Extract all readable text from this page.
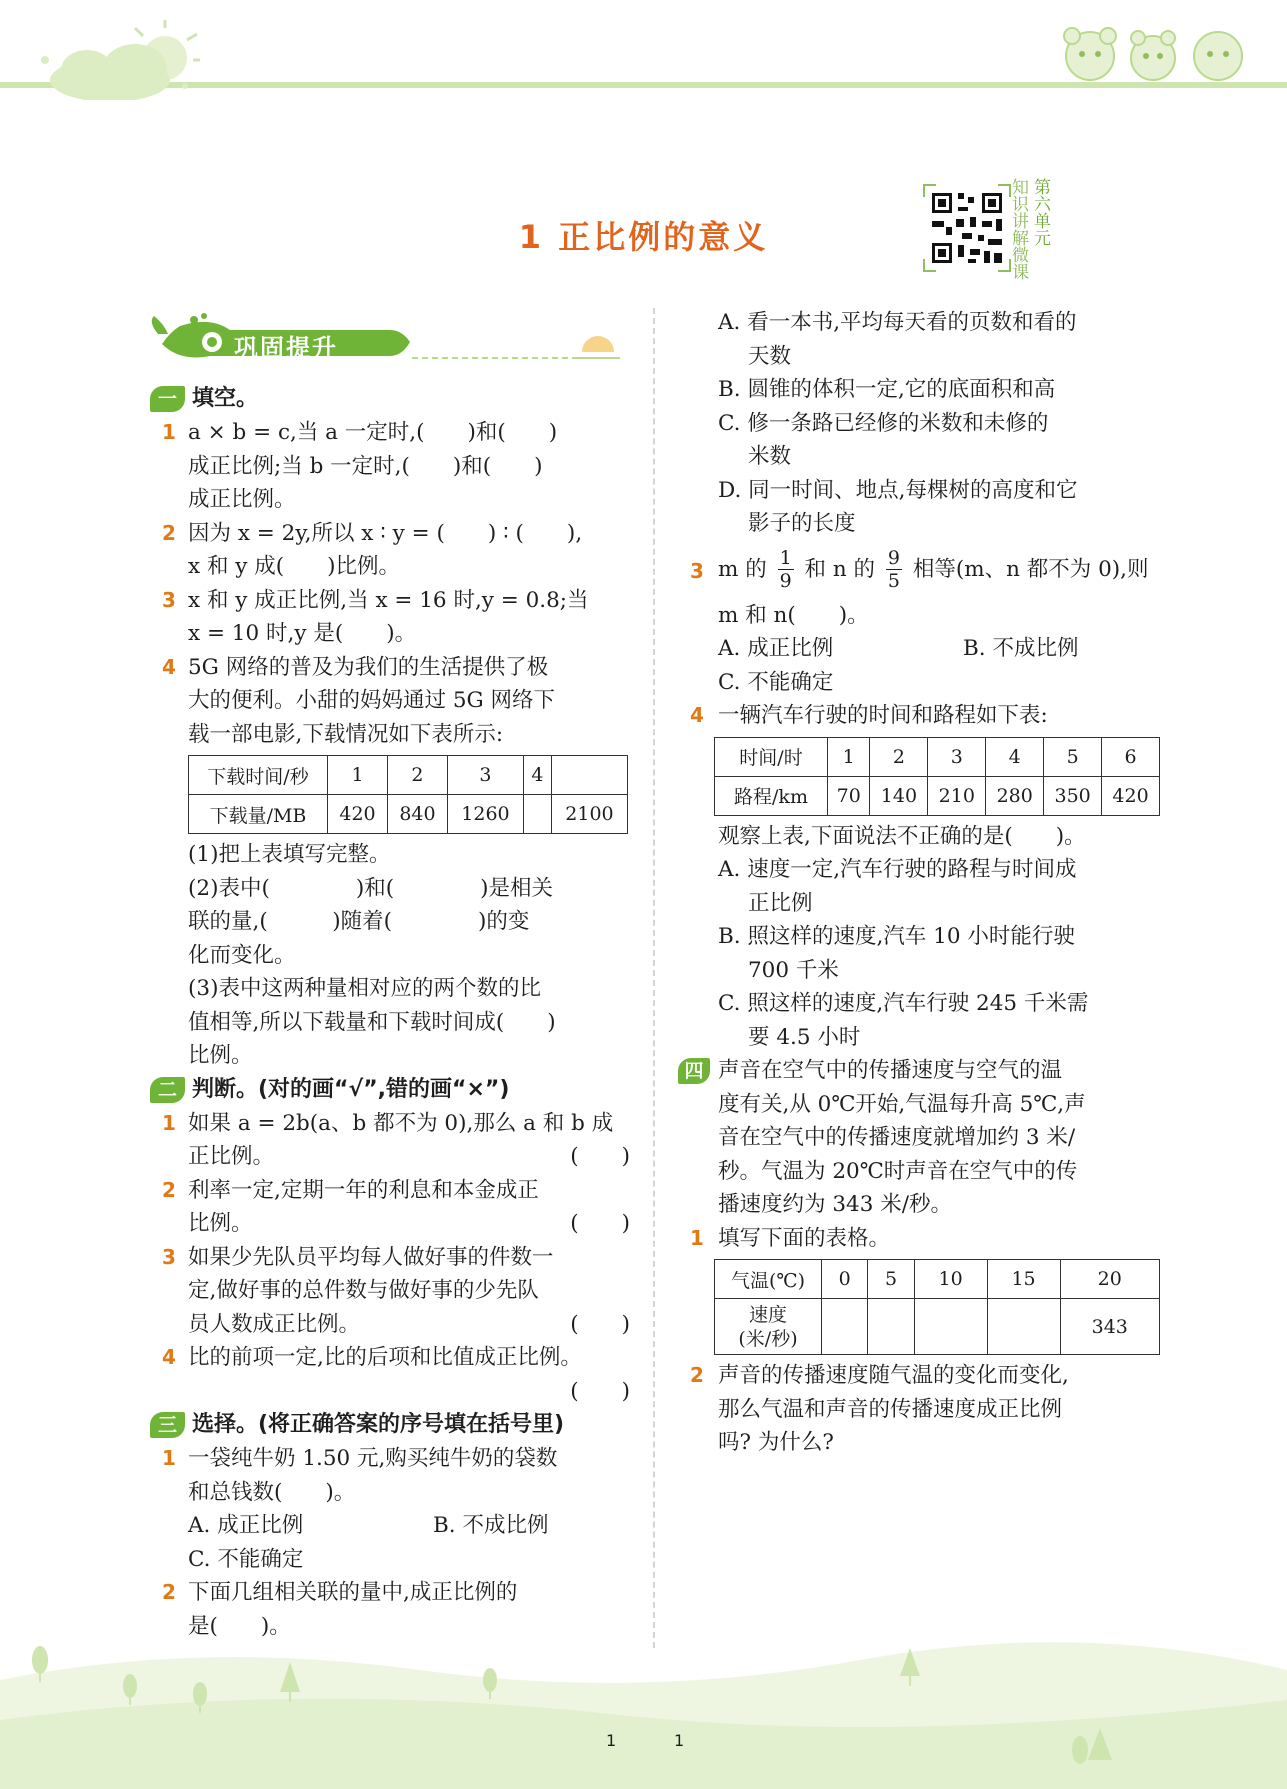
1 正比例的意义
第六单元
知识讲解微课
巩固提升
一 填空。
1 a × b = c,当 a 一定时,(　　)和(　　)
成正比例;当 b 一定时,(　　)和(　　)
成正比例。
2 因为 x = 2y,所以 x ∶ y = (　　) ∶ (　　),
x 和 y 成(　　)比例。
3 x 和 y 成正比例,当 x = 16 时,y = 0.8;当
x = 10 时,y 是(　　)。
4 5G 网络的普及为我们的生活提供了极
大的便利。小甜的妈妈通过 5G 网络下
载一部电影,下载情况如下表所示:
下载时间/秒	1	2	3	4	
下载量/MB	420	840	1260		2100
(1)把上表填写完整。
(2)表中(　　　　)和(　　　　)是相关
联的量,(　　　)随着(　　　　)的变
化而变化。
(3)表中这两种量相对应的两个数的比
值相等,所以下载量和下载时间成(　　)
比例。
二 判断。(对的画“√”,错的画“×”)
1 如果 a = 2b(a、b 都不为 0),那么 a 和 b 成
正比例。	(　　)
2 利率一定,定期一年的利息和本金成正
比例。	(　　)
3 如果少先队员平均每人做好事的件数一
定,做好事的总件数与做好事的少先队
员人数成正比例。	(　　)
4 比的前项一定,比的后项和比值成正比例。
(　　)
三 选择。(将正确答案的序号填在括号里)
1 一袋纯牛奶 1.50 元,购买纯牛奶的袋数
和总钱数(　　)。
A. 成正比例	B. 不成比例
C. 不能确定
2 下面几组相关联的量中,成正比例的
是(　　)。
A. 看一本书,平均每天看的页数和看的
天数
B. 圆锥的体积一定,它的底面积和高
C. 修一条路已经修的米数和未修的
米数
D. 同一时间、地点,每棵树的高度和它
影子的长度
3 m 的 $\frac{1}{9}$ 和 n 的 $\frac{9}{5}$ 相等(m、n 都不为 0),则
m 和 n(　　)。
A. 成正比例	B. 不成比例
C. 不能确定
4 一辆汽车行驶的时间和路程如下表:
时间/时	1	2	3	4	5	6
路程/km	70	140	210	280	350	420
观察上表,下面说法不正确的是(　　)。
A. 速度一定,汽车行驶的路程与时间成
正比例
B. 照这样的速度,汽车 10 小时能行驶
700 千米
C. 照这样的速度,汽车行驶 245 千米需
要 4.5 小时
四 声音在空气中的传播速度与空气的温
度有关,从 0℃开始,气温每升高 5℃,声
音在空气中的传播速度就增加约 3 米/
秒。气温为 20℃时声音在空气中的传
播速度约为 343 米/秒。
1 填写下面的表格。
气温(℃)	0	5	10	15	20

速度
(米/秒)					343
2 声音的传播速度随气温的变化而变化,
那么气温和声音的传播速度成正比例
吗? 为什么?
1	1
